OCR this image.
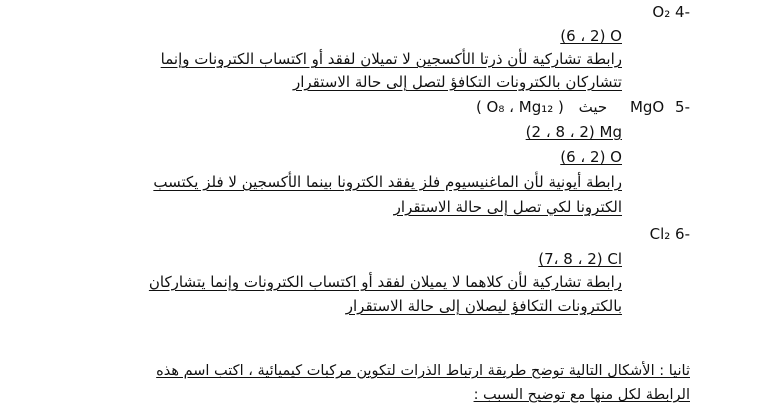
-4 O₂
(6 ، 2) O
رابطة تشاركية لأن ذرتا الأكسجين لا تميلان لفقد أو اكتساب الكترونات وإنما
تتشاركان بالكترونات التكافؤ لتصل إلى حالة الاستقرار
-5 MgO حيث ( O₈ ، Mg₁₂ )
(2 ، 8 ، 2) Mg
(6 ، 2) O
رابطة أيونية لأن الماغنيسيوم فلز يفقد الكترونا بينما الأكسجين لا فلز يكتسب
الكترونا لكي تصل إلى حالة الاستقرار
-6 Cl₂
(7، 8 ، 2) Cl
رابطة تشاركية لأن كلاهما لا يميلان لفقد أو اكتساب الكترونات وإنما يتشاركان
بالكترونات التكافؤ ليصلان إلى حالة الاستقرار
ثانيا : الأشكال التالية توضح طريقة ارتباط الذرات لتكوين مركبات كيميائية ، اكتب اسم هذه
الرابطة لكل منها مع توضيح السبب :
